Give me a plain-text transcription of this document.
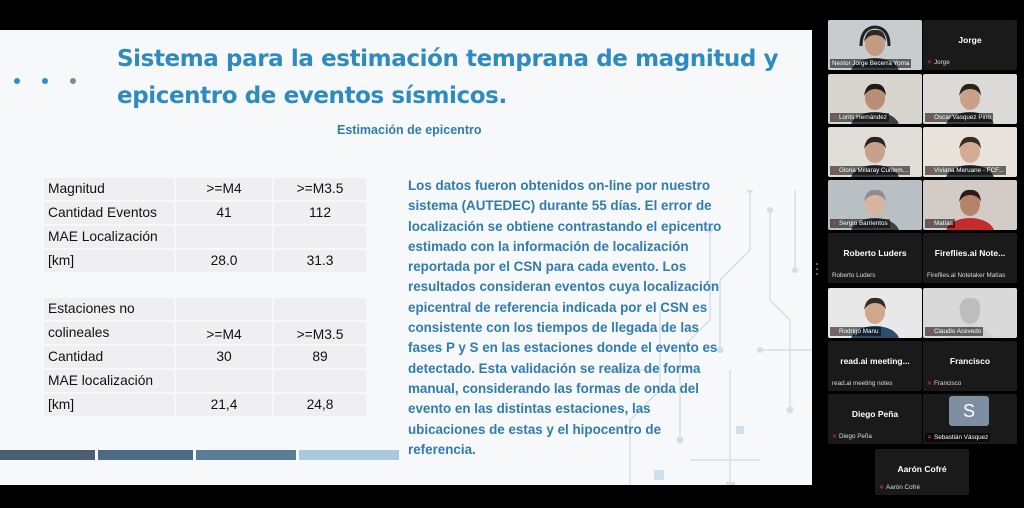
Sistema para la estimación temprana de magnitud y epicentro de eventos sísmicos.
Estimación de epicentro
Magnitud	>=M4	>=M3.5
Cantidad Eventos	41	112
MAE Localización		
[km]	28.0	31.3
Estaciones no		
colineales	>=M4	>=M3.5
Cantidad	30	89
MAE localización		
[km]	21,4	24,8
Los datos fueron obtenidos on-line por nuestro sistema (AUTEDEC) durante 55 días. El error de localización se obtiene contrastando el epicentro estimado con la información de localización reportada por el CSN para cada evento. Los resultados consideran eventos cuya localización epicentral de referencia indicada por el CSN es consistente con los tiempos de llegada de las fases P y S en las estaciones donde el evento es detectado. Esta validación se realiza de forma manual, considerando las formas de onda del evento en las distintas estaciones, las ubicaciones de estas y el hipocentro de referencia.
Nestor Jorge Becerra Yoma
Jorge
✕ Jorge
✕ Lorits Hernández	✕ Oscar Vasquez Pino
✕ Gloria Millaray Curilem...	✕ Viviana Meruane - FCF...
✕ Sergio Barrientos	✕ Matías
Roberto Luders
Roberto Luders
Fireflies.ai Note...
Fireflies.ai Notetaker Matías
✕ Rodrigo Manu	✕ Claudio Acevedo
read.ai meeting...
read.ai meeting notes
Francisco
✕ Francisco
Diego Peña
✕ Diego Peña
S
✕ Sebastián Vásquez
Aarón Cofré
✕ Aarón Cofré
